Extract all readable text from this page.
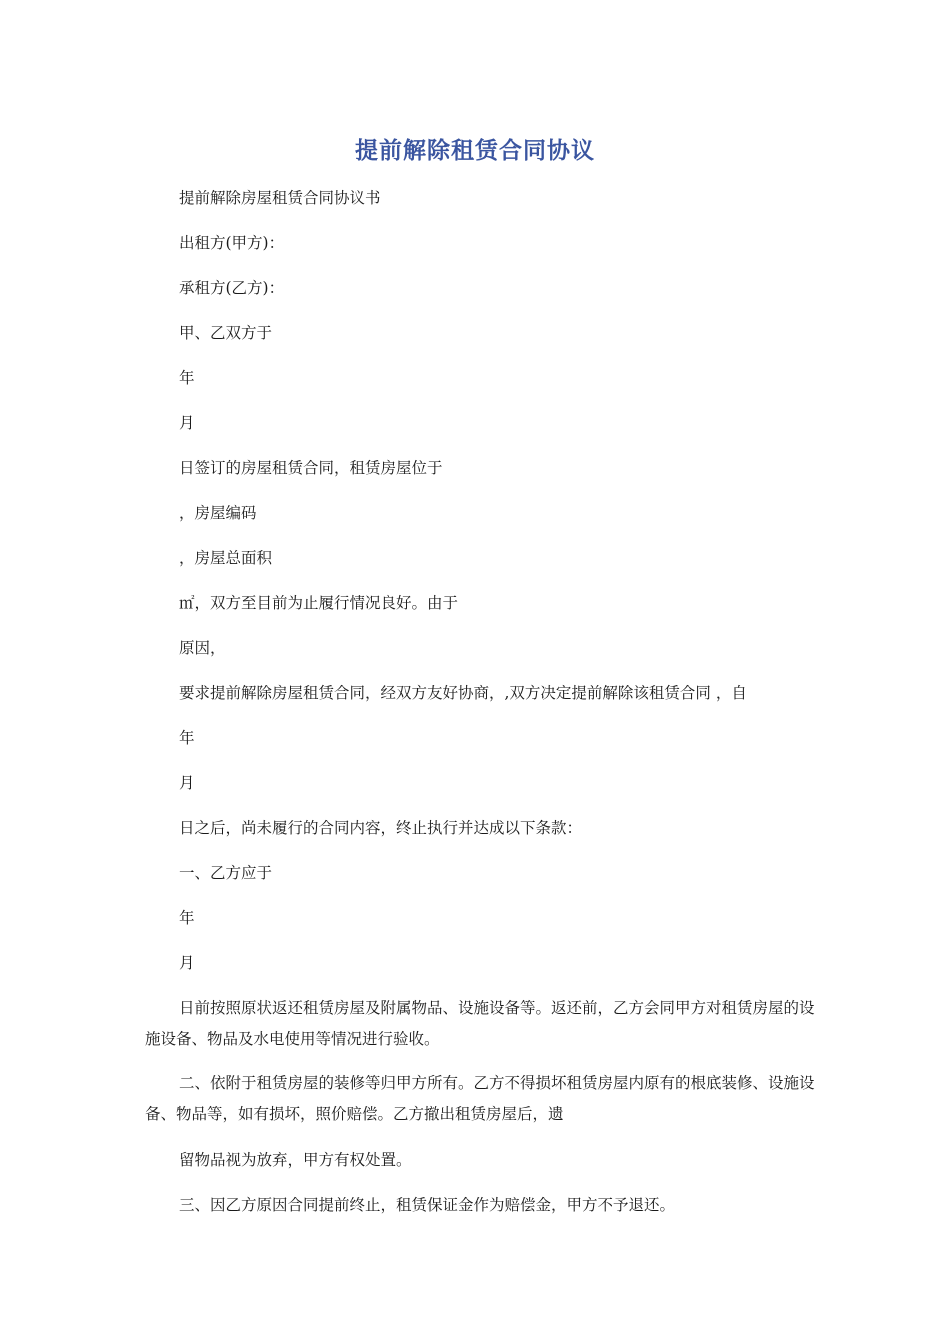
提前解除租赁合同协议
提前解除房屋租赁合同协议书
出租方(甲方)：
承租方(乙方)：
甲、乙双方于
年
月
日签订的房屋租赁合同，租赁房屋位于
，房屋编码
，房屋总面积
㎡，双方至目前为止履行情况良好。由于
原因，
要求提前解除房屋租赁合同，经双方友好协商，,双方决定提前解除该租赁合同 ，自
年
月
日之后，尚未履行的合同内容，终止执行并达成以下条款：
一、乙方应于
年
月
日前按照原状返还租赁房屋及附属物品、设施设备等。返还前，乙方会同甲方对租赁房屋的设施设备、物品及水电使用等情况进行验收。
二、依附于租赁房屋的装修等归甲方所有。乙方不得损坏租赁房屋内原有的根底装修、设施设备、物品等，如有损坏，照价赔偿。乙方撤出租赁房屋后，遗
留物品视为放弃，甲方有权处置。
三、因乙方原因合同提前终止，租赁保证金作为赔偿金，甲方不予退还。
